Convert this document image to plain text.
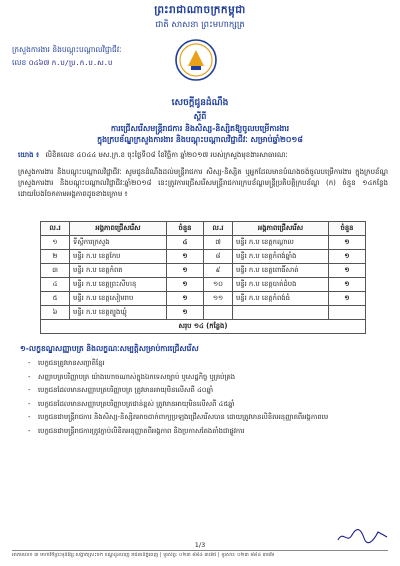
ព្រះរាជាណាចក្រកម្ពុជា
ជាតិ សាសនា ព្រះមហាក្សត្រ
ក្រសួងការងារ និងបណ្តុះបណ្តាលវិជ្ជាជីវៈ
លេខ ០៤៦៧ ក.ប/ប្រ.ក.ប.ស.ប
សេចក្តីជូនដំណឹង
ស្តីពី
ការជ្រើសរើសមន្ត្រីរាជការ និងសិស្ស-និស្សិតឱ្យចូលបម្រើការងារ
ក្នុងក្របខ័ណ្ឌក្រសួងការងារ និងបណ្តុះបណ្តាលវិជ្ជាជីវៈ សម្រាប់ឆ្នាំ២០១៨
យោង ៖ លិខិតលេខ ៤០៤៤ មស.ក្រ.ខ ចុះថ្ងៃទី០៨ ខែវិច្ឆិកា ឆ្នាំ២០១៧ របស់ក្រសួងមុខងារសាធារណៈ
ក្រសួងការងារ និងបណ្តុះបណ្តាលវិជ្ជាជីវៈ សូមជូនដំណឹងដល់មន្ត្រីរាជការ សិស្ស-និស្សិត ឬអ្នកដែលមានបំណងចង់ចូលបម្រើការងារ ក្នុងក្របខ័ណ្ឌក្រសួងការងារ និងបណ្តុះបណ្តាលវិជ្ជាជីវៈឆ្នាំ២០១៨ នេះត្រូវការជ្រើសរើសមន្ត្រីរាជការក្របខ័ណ្ឌមន្ត្រីប្រតិបត្តិក្របខ័ណ្ឌ (ក) ចំនួន ១៤កន្លែង ដោយបែងចែកតាមអង្គភាពដូចខាងក្រោម ៖
ល.រ	អង្គភាពជ្រើសរើស	ចំនួន	ល.រ	អង្គភាពជ្រើសរើស	ចំនួន
១	ទីស្តីការក្រសួង	៤	៧	មន្ទីរ ក.ប ខេត្តកណ្តាល	១
២	មន្ទីរ ក.ប ខេត្តកែប	១	៨	មន្ទីរ ក.ប ខេត្តកំពង់ឆ្នាំង	១
៣	មន្ទីរ ក.ប ខេត្តកំពត	១	៩	មន្ទីរ ក.ប ខេត្តពោធិ៍សាត់	១
៤	មន្ទីរ ក.ប ខេត្តព្រះសីហនុ	១	១០	មន្ទីរ ក.ប ខេត្តបាត់ដំបង	១
៥	មន្ទីរ ក.ប ខេត្តសៀមរាប	១	១១	មន្ទីរ ក.ប ខេត្តកំពង់ធំ	១
៦	មន្ទីរ ក.ប ខេត្តត្បូងឃ្មុំ	១			
សរុប ១៤ (កន្លែង)					
១-លក្ខខណ្ឌសញ្ញាបត្រ និងលក្ខណៈសម្បត្តិសម្រាប់ការជ្រើសរើស
- បេក្ខជនត្រូវមានសញ្ជាតិខ្មែរ
- សញ្ញាបត្របរិញ្ញាបត្រ យ៉ាងហោចណាស់ក្នុងឯកទេសច្បាប់ ឬសេដ្ឋកិច្ច ឬគ្រប់គ្រង
- បេក្ខជនដែលមានសញ្ញាបត្របរិញ្ញាបត្រ ត្រូវមានអាយុមិនលើសពី ៤០ឆ្នាំ
- បេក្ខជនដែលមានសញ្ញាបត្របរិញ្ញាបត្រជាន់ខ្ពស់ ត្រូវមានអាយុមិនលើសពី ៤៥ឆ្នាំ
- បេក្ខជនជាមន្ត្រីរាជការ និងសិស្ស-និស្សិតអាចដាក់ពាក្យប្រឡងជ្រើសរើសបាន ដោយត្រូវមានលិខិតអនុញ្ញាតពីអង្គភាពមេ
- បេក្ខជនជាមន្ត្រីរាជការត្រូវភ្ជាប់លិខិតអនុញ្ញាតពីអង្គភាព និងប្រកាសតែងតាំងជាផ្លូវការ
1/3
អាគារលេខ ៣ មហាវិថីព្រះមុនីវង្ស សង្កាត់ស្រះចក ខណ្ឌដូនពេញ រាជធានីភ្នំពេញ | ទូរស័ព្ទ: ០២៣ ៨៨៤ ៣៧៥ | ទូរសារ: ០២៣ ៨៨៤ ៣៧៦
